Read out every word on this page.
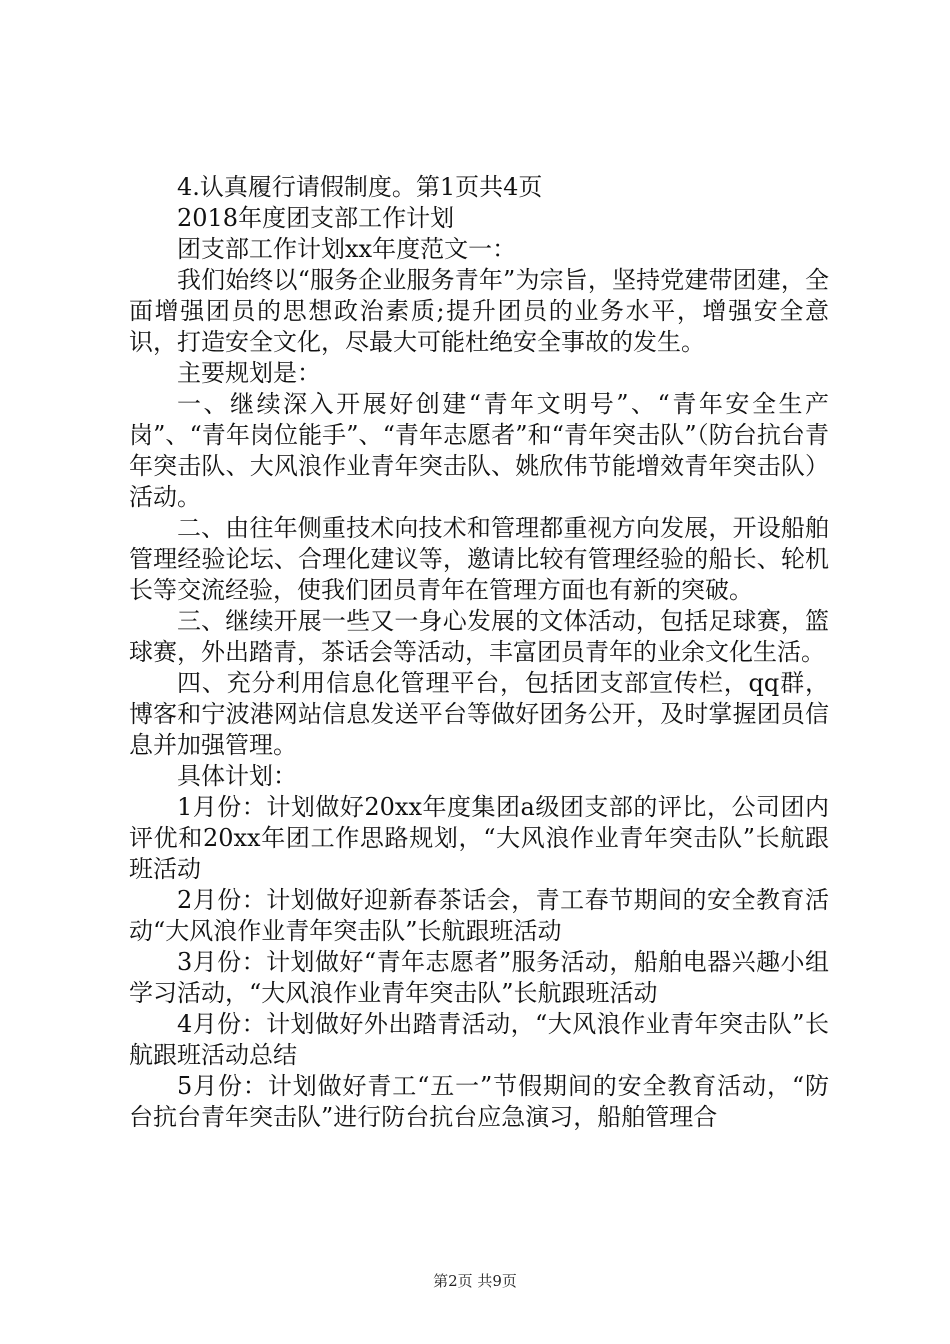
4.认真履行请假制度。第1页共4页

2018年度团支部工作计划

团支部工作计划xx年度范文一：

我们始终以“服务企业服务青年”为宗旨，坚持党建带团建，全面增强团员的思想政治素质;提升团员的业务水平，增强安全意识，打造安全文化，尽最大可能杜绝安全事故的发生。

主要规划是：

一、继续深入开展好创建“青年文明号”、“青年安全生产岗”、“青年岗位能手”、“青年志愿者”和“青年突击队”（防台抗台青年突击队、大风浪作业青年突击队、姚欣伟节能增效青年突击队）活动。

二、由往年侧重技术向技术和管理都重视方向发展，开设船舶管理经验论坛、合理化建议等，邀请比较有管理经验的船长、轮机长等交流经验，使我们团员青年在管理方面也有新的突破。

三、继续开展一些又一身心发展的文体活动，包括足球赛，篮球赛，外出踏青，茶话会等活动，丰富团员青年的业余文化生活。

四、充分利用信息化管理平台，包括团支部宣传栏，qq群，博客和宁波港网站信息发送平台等做好团务公开，及时掌握团员信息并加强管理。

具体计划：

1月份：计划做好20xx年度集团a级团支部的评比，公司团内评优和20xx年团工作思路规划，“大风浪作业青年突击队”长航跟班活动

2月份：计划做好迎新春茶话会，青工春节期间的安全教育活动“大风浪作业青年突击队”长航跟班活动

3月份：计划做好“青年志愿者”服务活动，船舶电器兴趣小组学习活动，“大风浪作业青年突击队”长航跟班活动

4月份：计划做好外出踏青活动，“大风浪作业青年突击队”长航跟班活动总结

5月份：计划做好青工“五一”节假期间的安全教育活动，“防台抗台青年突击队”进行防台抗台应急演习，船舶管理合

第2页 共9页
